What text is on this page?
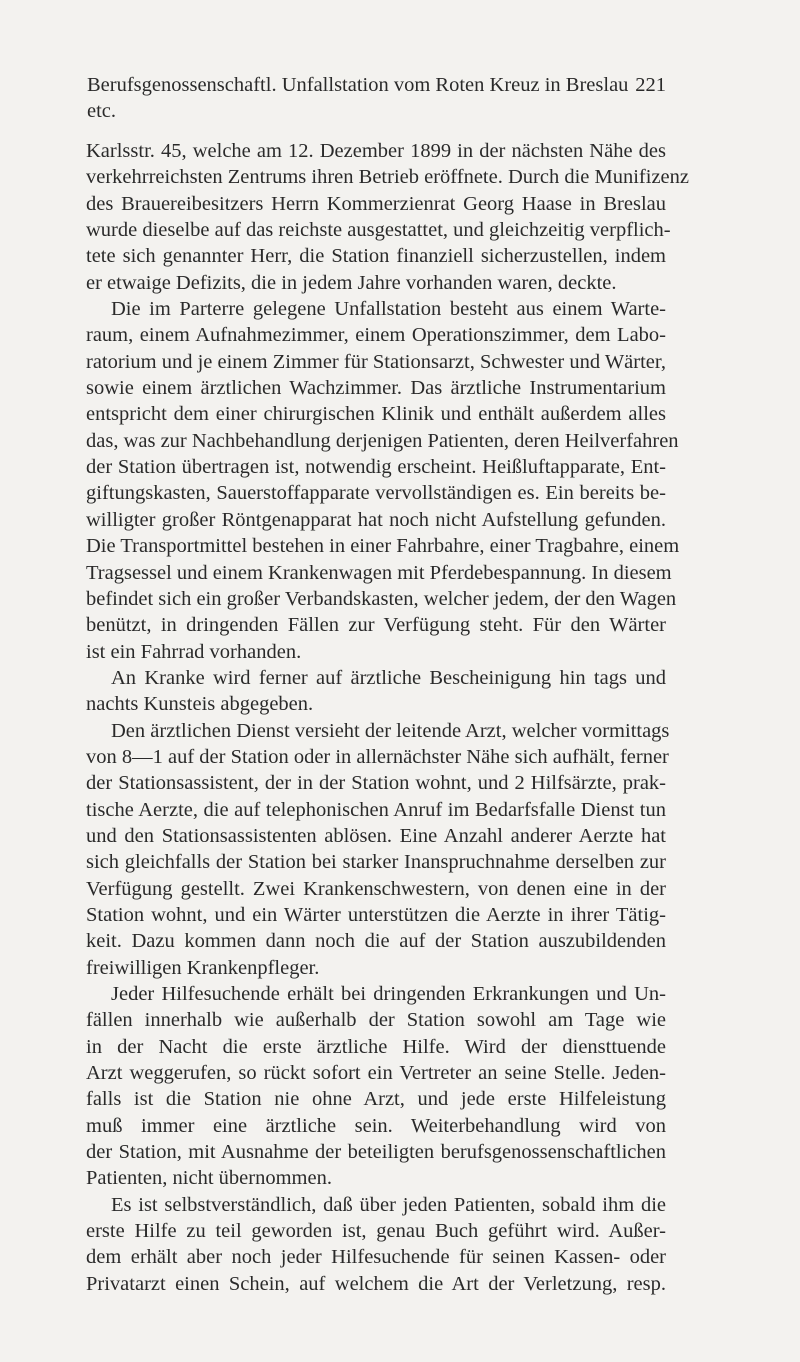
Berufsgenossenschaftl. Unfallstation vom Roten Kreuz in Breslau etc.
221
Karlsstr. 45, welche am 12. Dezember 1899 in der nächsten Nähe des
verkehrreichsten Zentrums ihren Betrieb eröffnete. Durch die Munifizenz
des Brauereibesitzers Herrn Kommerzienrat Georg Haase in Breslau
wurde dieselbe auf das reichste ausgestattet, und gleichzeitig verpflich-
tete sich genannter Herr, die Station finanziell sicherzustellen, indem
er etwaige Defizits, die in jedem Jahre vorhanden waren, deckte.
Die im Parterre gelegene Unfallstation besteht aus einem Warte-
raum, einem Aufnahmezimmer, einem Operationszimmer, dem Labo-
ratorium und je einem Zimmer für Stationsarzt, Schwester und Wärter,
sowie einem ärztlichen Wachzimmer. Das ärztliche Instrumentarium
entspricht dem einer chirurgischen Klinik und enthält außerdem alles
das, was zur Nachbehandlung derjenigen Patienten, deren Heilverfahren
der Station übertragen ist, notwendig erscheint. Heißluftapparate, Ent-
giftungskasten, Sauerstoffapparate vervollständigen es. Ein bereits be-
willigter großer Röntgenapparat hat noch nicht Aufstellung gefunden.
Die Transportmittel bestehen in einer Fahrbahre, einer Tragbahre, einem
Tragsessel und einem Krankenwagen mit Pferdebespannung. In diesem
befindet sich ein großer Verbandskasten, welcher jedem, der den Wagen
benützt, in dringenden Fällen zur Verfügung steht. Für den Wärter
ist ein Fahrrad vorhanden.
An Kranke wird ferner auf ärztliche Bescheinigung hin tags und
nachts Kunsteis abgegeben.
Den ärztlichen Dienst versieht der leitende Arzt, welcher vormittags
von 8—1 auf der Station oder in allernächster Nähe sich aufhält, ferner
der Stationsassistent, der in der Station wohnt, und 2 Hilfsärzte, prak-
tische Aerzte, die auf telephonischen Anruf im Bedarfsfalle Dienst tun
und den Stationsassistenten ablösen. Eine Anzahl anderer Aerzte hat
sich gleichfalls der Station bei starker Inanspruchnahme derselben zur
Verfügung gestellt. Zwei Krankenschwestern, von denen eine in der
Station wohnt, und ein Wärter unterstützen die Aerzte in ihrer Tätig-
keit. Dazu kommen dann noch die auf der Station auszubildenden
freiwilligen Krankenpfleger.
Jeder Hilfesuchende erhält bei dringenden Erkrankungen und Un-
fällen innerhalb wie außerhalb der Station sowohl am Tage wie
in der Nacht die erste ärztliche Hilfe. Wird der diensttuende
Arzt weggerufen, so rückt sofort ein Vertreter an seine Stelle. Jeden-
falls ist die Station nie ohne Arzt, und jede erste Hilfeleistung
muß immer eine ärztliche sein. Weiterbehandlung wird von
der Station, mit Ausnahme der beteiligten berufsgenossenschaftlichen
Patienten, nicht übernommen.
Es ist selbstverständlich, daß über jeden Patienten, sobald ihm die
erste Hilfe zu teil geworden ist, genau Buch geführt wird. Außer-
dem erhält aber noch jeder Hilfesuchende für seinen Kassen- oder
Privatarzt einen Schein, auf welchem die Art der Verletzung, resp.
